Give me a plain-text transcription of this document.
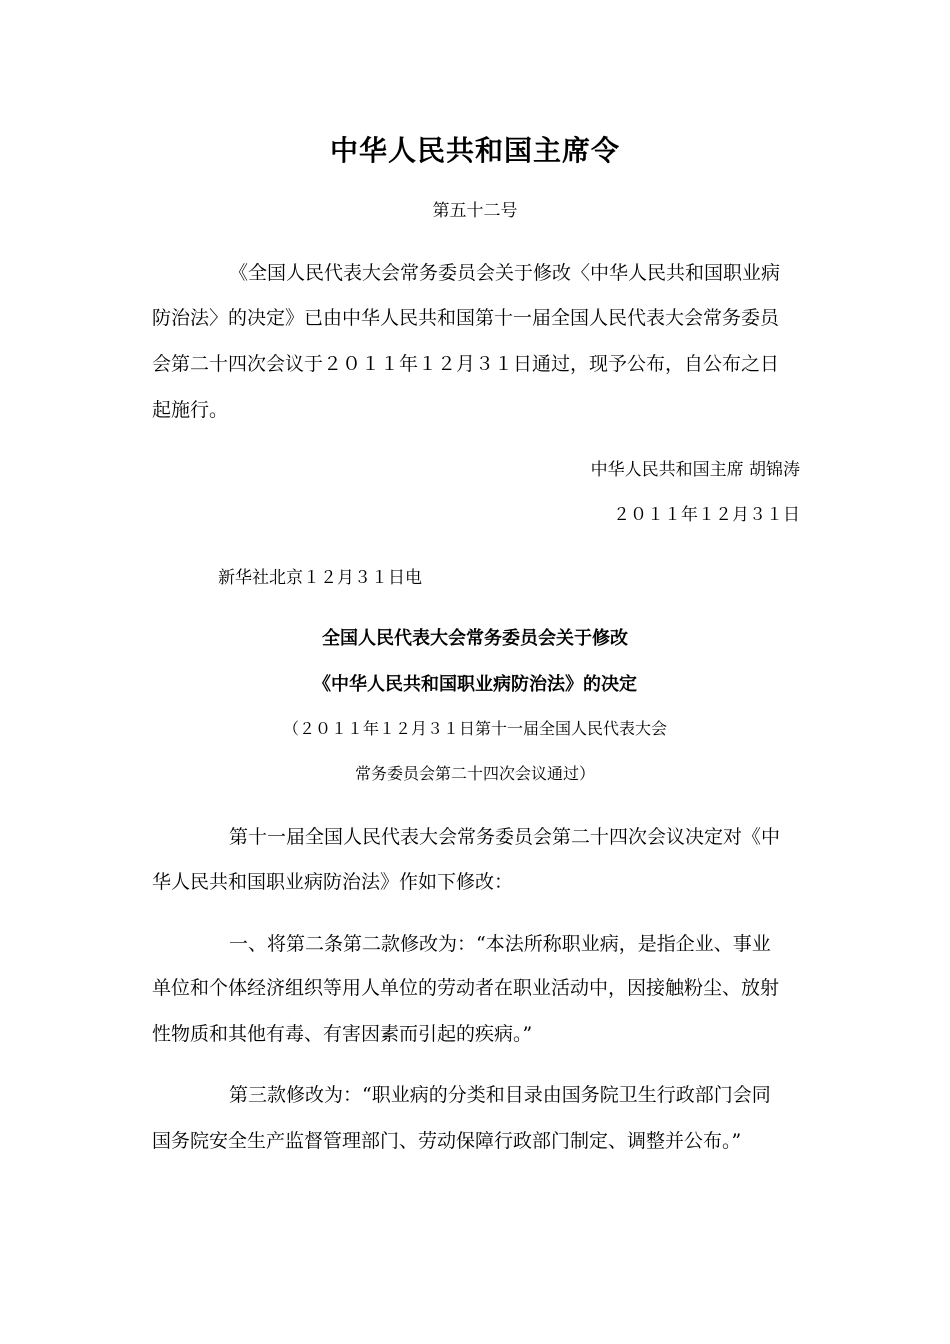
中华人民共和国主席令
第五十二号
《全国人民代表大会常务委员会关于修改〈中华人民共和国职业病
防治法〉的决定》已由中华人民共和国第十一届全国人民代表大会常务委员
会第二十四次会议于２０１１年１２月３１日通过，现予公布，自公布之日
起施行。
中华人民共和国主席 胡锦涛
２０１１年１２月３１日
新华社北京１２月３１日电
全国人民代表大会常务委员会关于修改
《中华人民共和国职业病防治法》的决定
（２０１１年１２月３１日第十一届全国人民代表大会
常务委员会第二十四次会议通过）
第十一届全国人民代表大会常务委员会第二十四次会议决定对《中
华人民共和国职业病防治法》作如下修改：
一、将第二条第二款修改为：“本法所称职业病，是指企业、事业
单位和个体经济组织等用人单位的劳动者在职业活动中，因接触粉尘、放射
性物质和其他有毒、有害因素而引起的疾病。”
第三款修改为：“职业病的分类和目录由国务院卫生行政部门会同
国务院安全生产监督管理部门、劳动保障行政部门制定、调整并公布。”
